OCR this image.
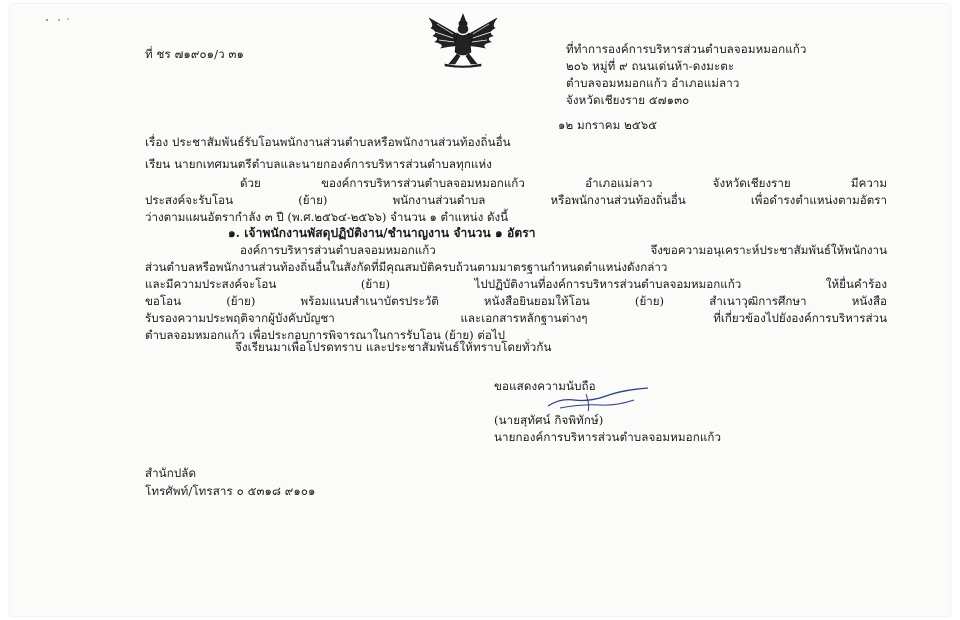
ที่ ชร ๗๑๙๐๑/ว ๓๑	ที่ทำการองค์การบริหารส่วนตำบลจอมหมอกแก้ว
๒๐๖ หมู่ที่ ๙ ถนนเด่นห้า-ดงมะตะ
ตำบลจอมหมอกแก้ว อำเภอแม่ลาว
จังหวัดเชียงราย ๕๗๑๓๐
๑๒ มกราคม ๒๕๖๕
เรื่อง ประชาสัมพันธ์รับโอนพนักงานส่วนตำบลหรือพนักงานส่วนท้องถิ่นอื่น
เรียน นายกเทศมนตรีตำบลและนายกองค์การบริหารส่วนตำบลทุกแห่ง
ด้วย ของค์การบริหารส่วนตำบลจอมหมอกแก้ว อำเภอแม่ลาว จังหวัดเชียงราย มีความ
ประสงค์จะรับโอน (ย้าย) พนักงานส่วนตำบล หรือพนักงานส่วนท้องถิ่นอื่น เพื่อดำรงตำแหน่งตามอัตรา
ว่างตามแผนอัตรากำลัง ๓ ปี (พ.ศ.๒๕๖๔-๒๕๖๖) จำนวน ๑ ตำแหน่ง ดังนี้
๑. เจ้าพนักงานพัสดุปฏิบัติงาน/ชำนาญงาน จำนวน ๑ อัตรา
องค์การบริหารส่วนตำบลจอมหมอกแก้ว จึงขอความอนุเคราะห์ประชาสัมพันธ์ให้พนักงาน
ส่วนตำบลหรือพนักงานส่วนท้องถิ่นอื่นในสังกัดที่มีคุณสมบัติครบถ้วนตามมาตรฐานกำหนดตำแหน่งดังกล่าว
และมีความประสงค์จะโอน (ย้าย) ไปปฏิบัติงานที่องค์การบริหารส่วนตำบลจอมหมอกแก้ว ให้ยื่นคำร้อง
ขอโอน (ย้าย) พร้อมแนบสำเนาบัตรประวัติ หนังสือยินยอมให้โอน (ย้าย) สำเนาวุฒิการศึกษา หนังสือ
รับรองความประพฤติจากผู้บังคับบัญชา และเอกสารหลักฐานต่างๆ ที่เกี่ยวข้องไปยังองค์การบริหารส่วน
ตำบลจอมหมอกแก้ว เพื่อประกอบการพิจารณาในการรับโอน (ย้าย) ต่อไป
จึงเรียนมาเพื่อโปรดทราบ และประชาสัมพันธ์ให้ทราบโดยทั่วกัน
ขอแสดงความนับถือ
(นายสุทัศน์ กิจพิทักษ์)
นายกองค์การบริหารส่วนตำบลจอมหมอกแก้ว
สำนักปลัด
โทรศัพท์/โทรสาร ๐ ๕๓๑๘ ๙๑๐๑
